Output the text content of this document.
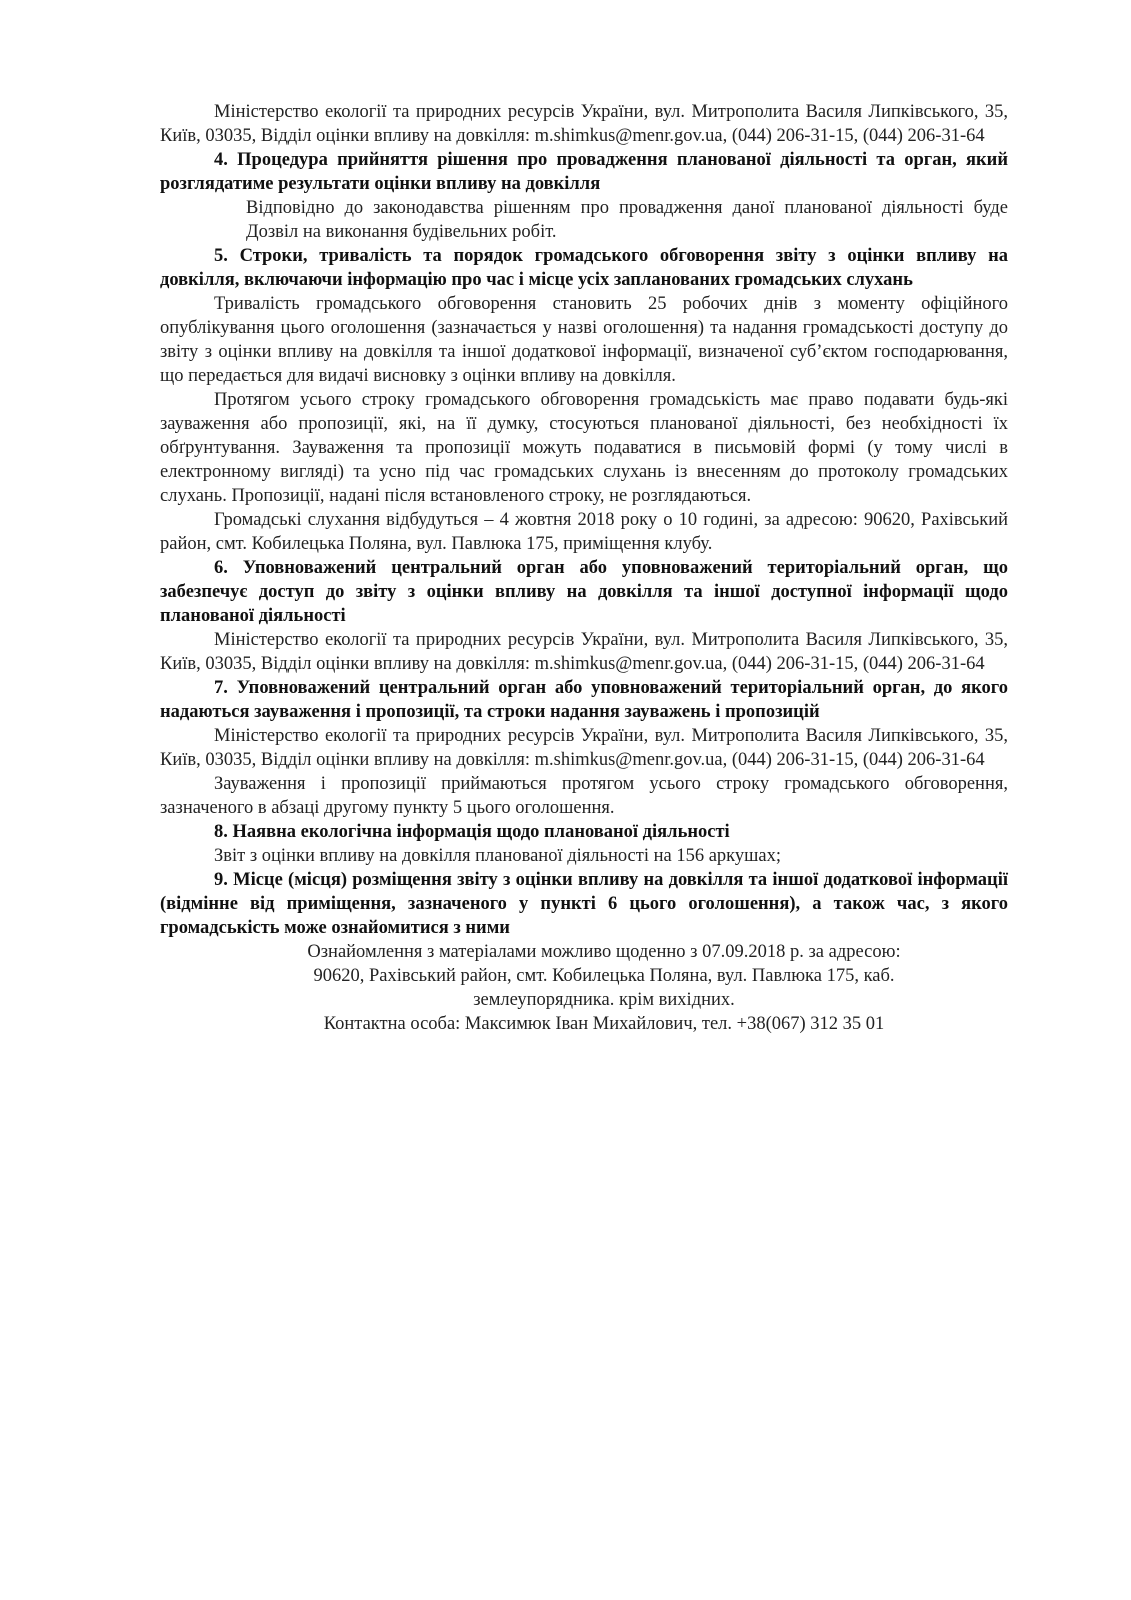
Міністерство екології та природних ресурсів України, вул. Митрополита Василя Липківського, 35, Київ, 03035, Відділ оцінки впливу на довкілля: m.shimkus@menr.gov.ua, (044) 206-31-15, (044) 206-31-64

4. Процедура прийняття рішення про провадження планованої діяльності та орган, який розглядатиме результати оцінки впливу на довкілля

Відповідно до законодавства рішенням про провадження даної планованої діяльності буде Дозвіл на виконання будівельних робіт.

5. Строки, тривалість та порядок громадського обговорення звіту з оцінки впливу на довкілля, включаючи інформацію про час і місце усіх запланованих громадських слухань

Тривалість громадського обговорення становить 25 робочих днів з моменту офіційного опублікування цього оголошення (зазначається у назві оголошення) та надання громадськості доступу до звіту з оцінки впливу на довкілля та іншої додаткової інформації, визначеної суб’єктом господарювання, що передається для видачі висновку з оцінки впливу на довкілля.

Протягом усього строку громадського обговорення громадськість має право подавати будь-які зауваження або пропозиції, які, на її думку, стосуються планованої діяльності, без необхідності їх обґрунтування. Зауваження та пропозиції можуть подаватися в письмовій формі (у тому числі в електронному вигляді) та усно під час громадських слухань із внесенням до протоколу громадських слухань. Пропозиції, надані після встановленого строку, не розглядаються.

Громадські слухання відбудуться – 4 жовтня 2018 року о 10 годині, за адресою: 90620, Рахівський район, смт. Кобилецька Поляна, вул. Павлюка 175, приміщення клубу.

6. Уповноважений центральний орган або уповноважений територіальний орган, що забезпечує доступ до звіту з оцінки впливу на довкілля та іншої доступної інформації щодо планованої діяльності

Міністерство екології та природних ресурсів України, вул. Митрополита Василя Липківського, 35, Київ, 03035, Відділ оцінки впливу на довкілля: m.shimkus@menr.gov.ua, (044) 206-31-15, (044) 206-31-64

7. Уповноважений центральний орган або уповноважений територіальний орган, до якого надаються зауваження і пропозиції, та строки надання зауважень і пропозицій

Міністерство екології та природних ресурсів України, вул. Митрополита Василя Липківського, 35, Київ, 03035, Відділ оцінки впливу на довкілля: m.shimkus@menr.gov.ua, (044) 206-31-15, (044) 206-31-64

Зауваження і пропозиції приймаються протягом усього строку громадського обговорення, зазначеного в абзаці другому пункту 5 цього оголошення.

8. Наявна екологічна інформація щодо планованої діяльності

Звіт з оцінки впливу на довкілля планованої діяльності на 156 аркушах;

9. Місце (місця) розміщення звіту з оцінки впливу на довкілля та іншої додаткової інформації (відмінне від приміщення, зазначеного у пункті 6 цього оголошення), а також час, з якого громадськість може ознайомитися з ними

Ознайомлення з матеріалами можливо щоденно з 07.09.2018 р. за адресою:

90620, Рахівський район, смт. Кобилецька Поляна, вул. Павлюка 175, каб.

землеупорядника. крім вихідних.

Контактна особа: Максимюк Іван Михайлович, тел. +38(067) 312 35 01
